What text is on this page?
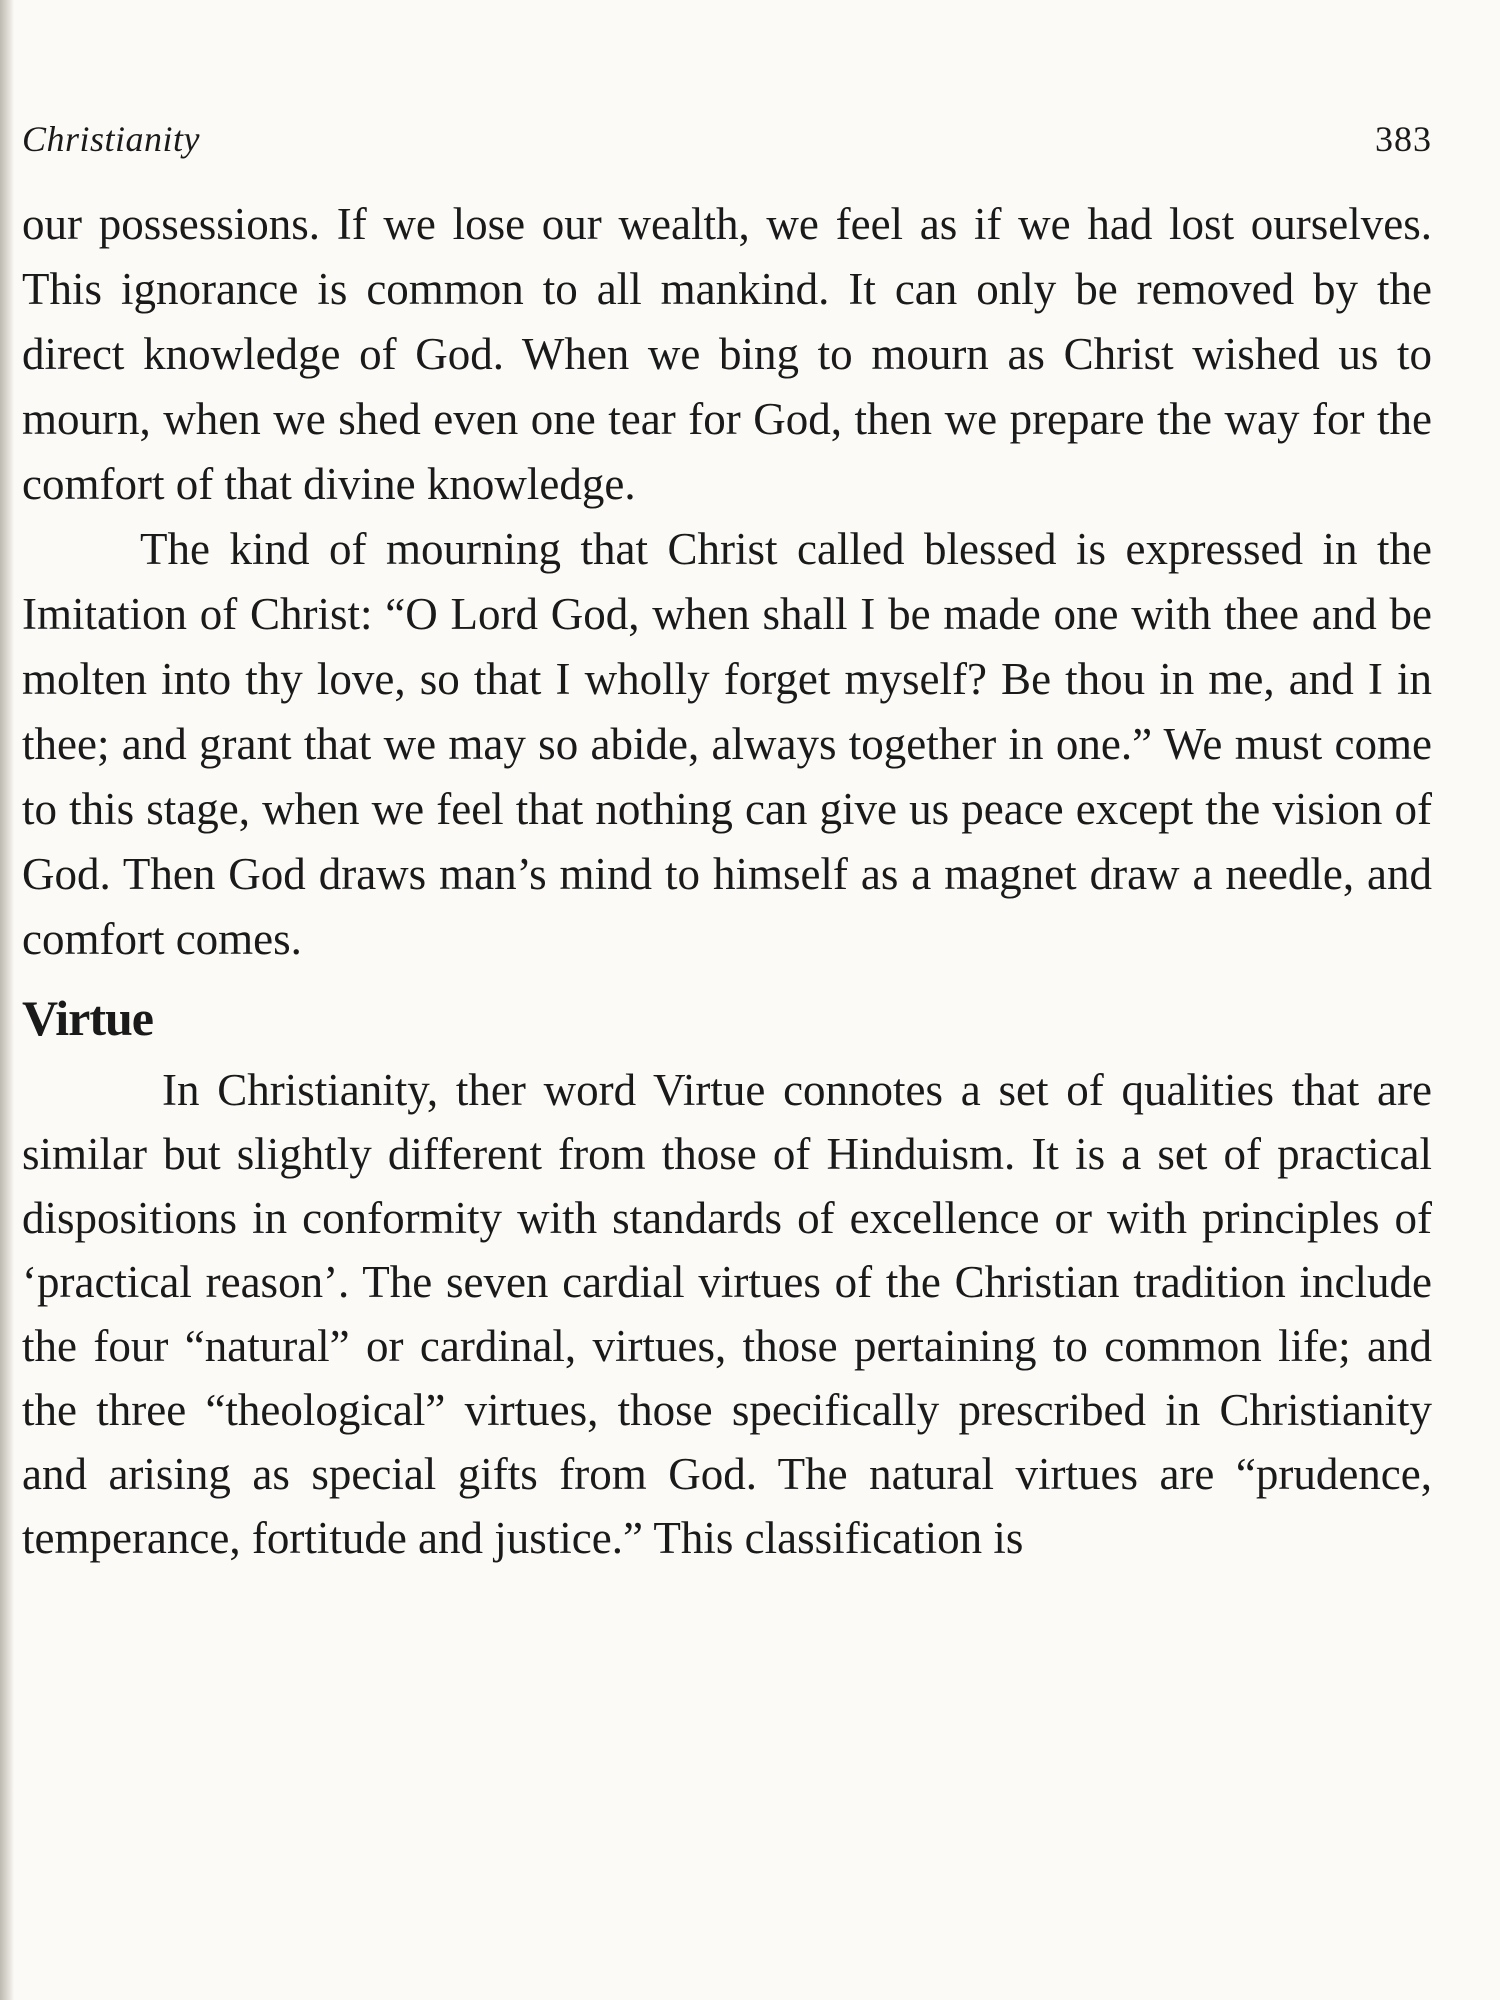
Christianity	383

our possessions. If we lose our wealth, we feel as if we had lost ourselves. This ignorance is common to all mankind. It can only be removed by the direct knowledge of God. When we bing to mourn as Christ wished us to mourn, when we shed even one tear for God, then we prepare the way for the comfort of that divine knowledge.

The kind of mourning that Christ called blessed is expressed in the Imitation of Christ: “O Lord God, when shall I be made one with thee and be molten into thy love, so that I wholly forget myself? Be thou in me, and I in thee; and grant that we may so abide, always together in one.” We must come to this stage, when we feel that nothing can give us peace except the vision of God. Then God draws man’s mind to himself as a magnet draw a needle, and comfort comes.

Virtue

In Christianity, ther word Virtue connotes a set of qualities that are similar but slightly different from those of Hinduism. It is a set of practical dispositions in conformity with standards of excellence or with principles of ‘practical reason’. The seven cardial virtues of the Christian tradition include the four “natural” or cardinal, virtues, those pertaining to common life; and the three “theological” virtues, those specifically prescribed in Christianity and arising as special gifts from God. The natural virtues are “prudence, temperance, fortitude and justice.” This classification is
